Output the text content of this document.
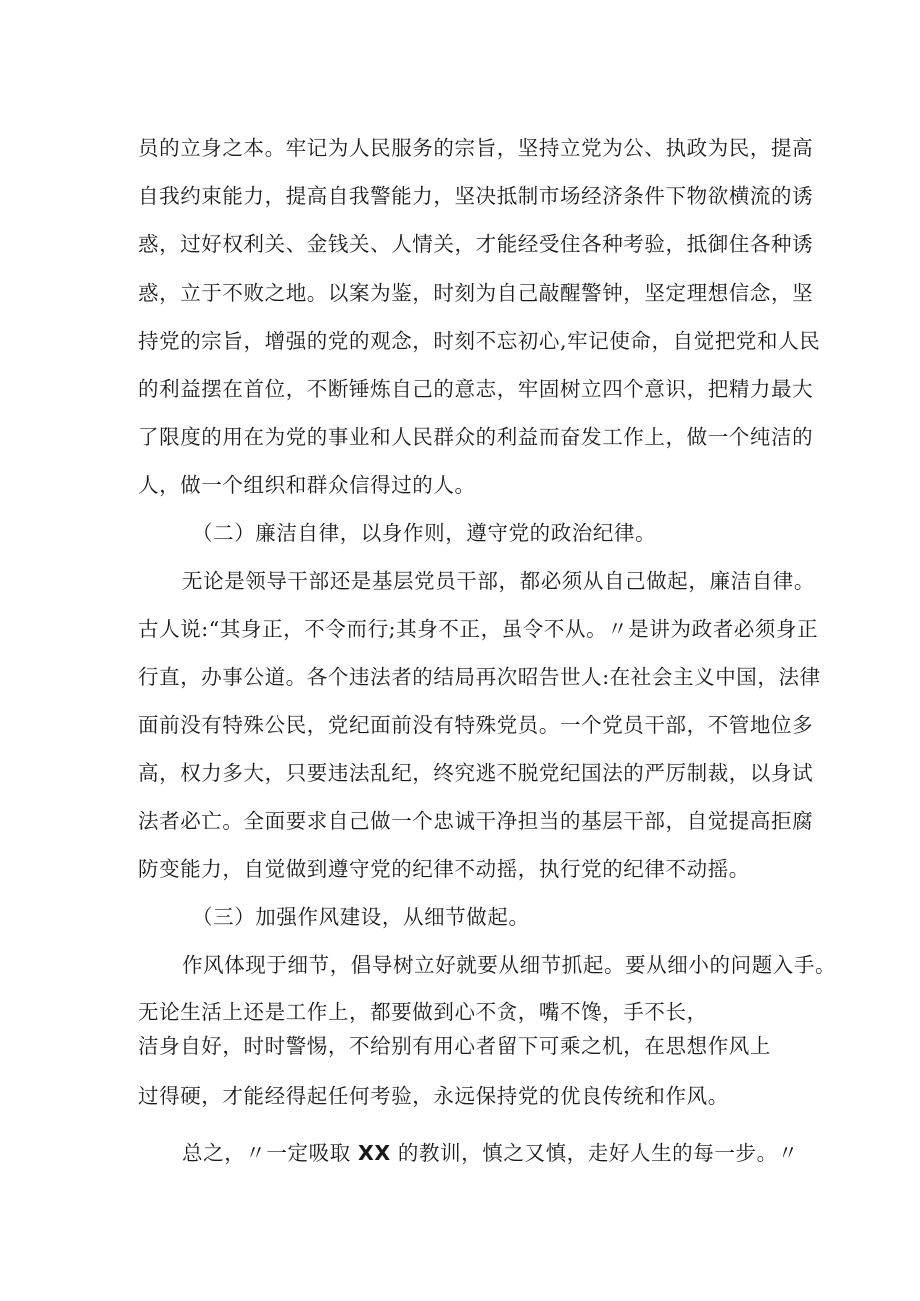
员的立身之本。牢记为人民服务的宗旨，坚持立党为公、执政为民，提高
自我约束能力，提高自我警能力，坚决抵制市场经济条件下物欲横流的诱
惑，过好权利关、金钱关、人情关，才能经受住各种考验，抵御住各种诱
惑，立于不败之地。以案为鉴，时刻为自己敲醒警钟，坚定理想信念，坚
持党的宗旨，增强的党的观念，时刻不忘初心,牢记使命，自觉把党和人民
的利益摆在首位，不断锤炼自己的意志，牢固树立四个意识，把精力最大
了限度的用在为党的事业和人民群众的利益而奋发工作上，做一个纯洁的
人，做一个组织和群众信得过的人。
（二）廉洁自律，以身作则，遵守党的政治纪律。
无论是领导干部还是基层党员干部，都必须从自己做起，廉洁自律。
古人说:“其身正，不令而行;其身不正，虽令不从。〃是讲为政者必须身正
行直，办事公道。各个违法者的结局再次昭告世人:在社会主义中国，法律
面前没有特殊公民，党纪面前没有特殊党员。一个党员干部，不管地位多
高，权力多大，只要违法乱纪，终究逃不脱党纪国法的严厉制裁，以身试
法者必亡。全面要求自己做一个忠诚干净担当的基层干部，自觉提高拒腐
防变能力，自觉做到遵守党的纪律不动摇，执行党的纪律不动摇。
（三）加强作风建设，从细节做起。
作风体现于细节，倡导树立好就要从细节抓起。要从细小的问题入手。
无论生活上还是工作上，都要做到心不贪，嘴不馋，手不长，
洁身自好，时时警惕，不给别有用心者留下可乘之机，在思想作风上
过得硬，才能经得起任何考验，永远保持党的优良传统和作风。
总之，〃一定吸取 XX 的教训，慎之又慎，走好人生的每一步。〃
